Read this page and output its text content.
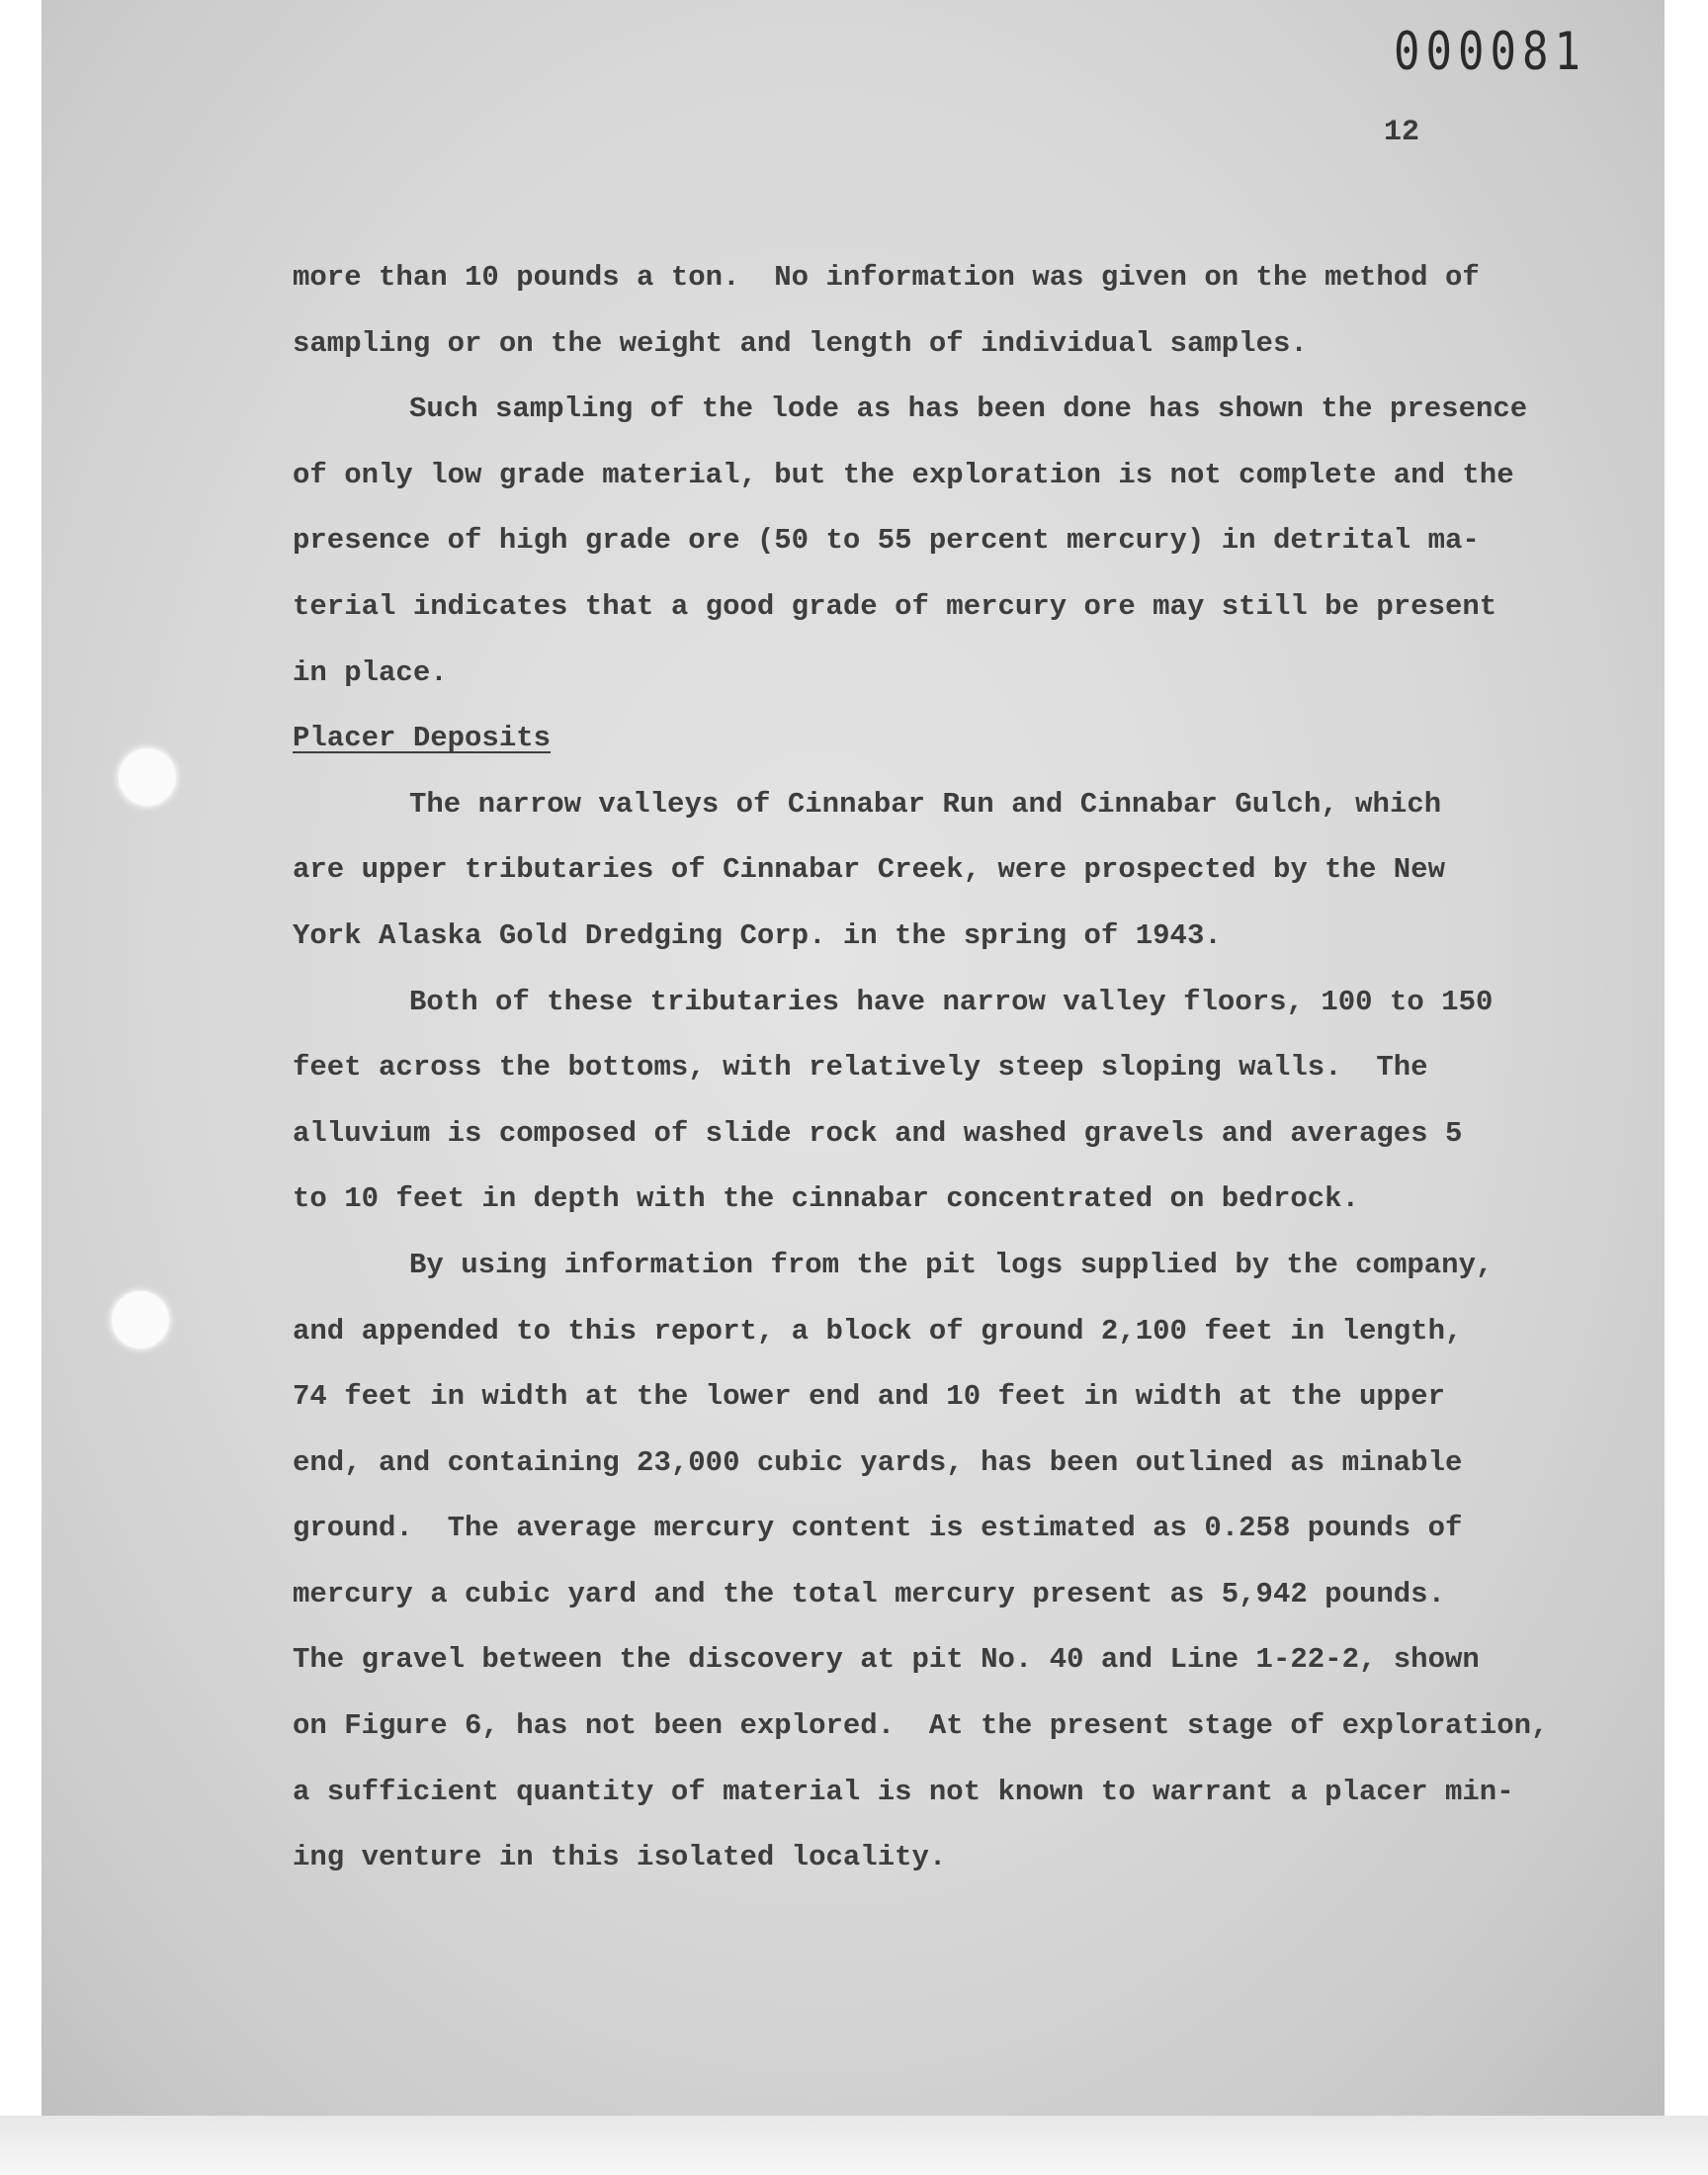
000081
12
more than 10 pounds a ton.  No information was given on the method of
sampling or on the weight and length of individual samples.
Such sampling of the lode as has been done has shown the presence
of only low grade material, but the exploration is not complete and the
presence of high grade ore (50 to 55 percent mercury) in detrital ma-
terial indicates that a good grade of mercury ore may still be present
in place.
Placer Deposits
The narrow valleys of Cinnabar Run and Cinnabar Gulch, which
are upper tributaries of Cinnabar Creek, were prospected by the New
York Alaska Gold Dredging Corp. in the spring of 1943.
Both of these tributaries have narrow valley floors, 100 to 150
feet across the bottoms, with relatively steep sloping walls.  The
alluvium is composed of slide rock and washed gravels and averages 5
to 10 feet in depth with the cinnabar concentrated on bedrock.
By using information from the pit logs supplied by the company,
and appended to this report, a block of ground 2,100 feet in length,
74 feet in width at the lower end and 10 feet in width at the upper
end, and containing 23,000 cubic yards, has been outlined as minable
ground.  The average mercury content is estimated as 0.258 pounds of
mercury a cubic yard and the total mercury present as 5,942 pounds.
The gravel between the discovery at pit No. 40 and Line 1-22-2, shown
on Figure 6, has not been explored.  At the present stage of exploration,
a sufficient quantity of material is not known to warrant a placer min-
ing venture in this isolated locality.
